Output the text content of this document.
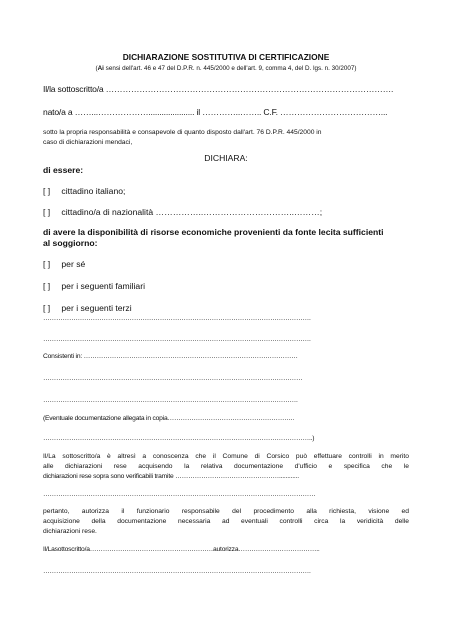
DICHIARAZIONE SOSTITUTIVA DI CERTIFICAZIONE
(Ai sensi dell'art. 46 e 47 del D.P.R. n. 445/2000 e dell'art. 9, comma 4, del D. lgs. n. 30/2007)
Il/la sottoscritto/a ………………………………………………………………………………………….
nato/a a ……...………………..................... il …………..…….. C.F. ………………………………...
sotto la propria responsabilità e consapevole di quanto disposto dall'art. 76 D.P.R. 445/2000 in
caso di dichiarazioni mendaci,
DICHIARA:
di essere:
[ ] cittadino italiano;
[ ] cittadino/a di nazionalità ……………..…………………………..………;
di avere la disponibilità di risorse economiche provenienti da fonte lecita sufficienti
al soggiorno:
[ ] per sé
[ ] per i seguenti familiari
[ ] per i seguenti terzi
…………………………………………………………………………………………………………….
…………………………………………………………………………………………………………….
Consistenti in: ………………………………………………………………………………………
…………………………………………………………………………………………………………
……………………………………………………………………………………………………….
(Eventuale documentazione allegata in copia…………………………………………………..
……………………………………………………………………………………………………………..)
Il/La sottoscritto/a è altresì a conoscenza che il Comune di Corsico può effettuare controlli in merito
alle dichiarazioni rese acquisendo la relativa documentazione d'ufficio e specifica che le
dichiarazioni rese sopra sono verificabili tramite …………………………………………............
………………………………………………………………………………………………………………
pertanto, autorizza il funzionario responsabile del procedimento alla richiesta, visione ed
acquisizione della documentazione necessaria ad eventuali controlli circa la veridicità delle
dichiarazioni rese.
Il/Lasottoscritto/a…………………………………………………autorizza………………………………..
…………………………………………………………………………………………………………….
